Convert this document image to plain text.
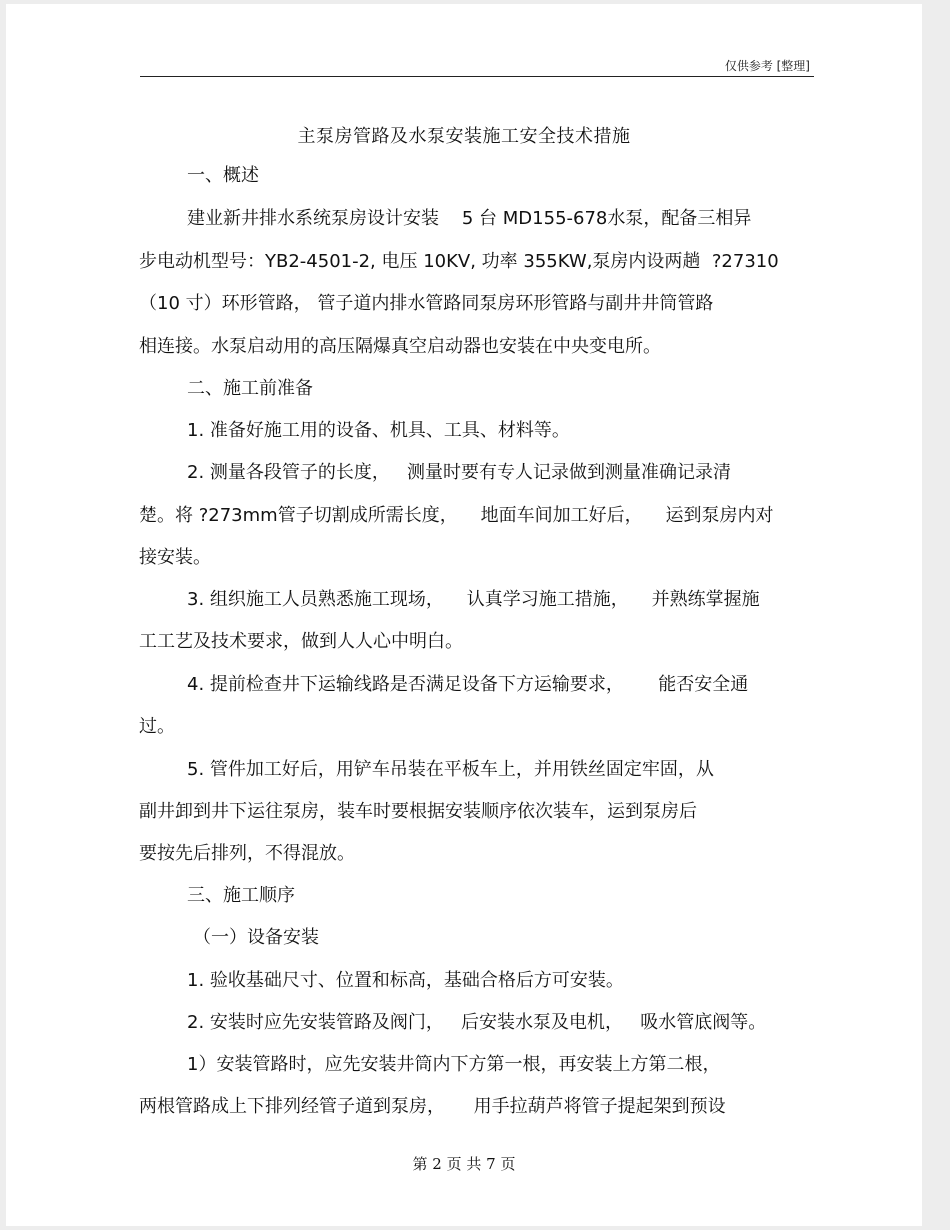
仅供参考 [整理]
主泵房管路及水泵安装施工安全技术措施
一、概述
建业新井排水系统泵房设计安装    5 台 MD155-678水泵，配备三相异
步电动机型号：YB2-4501-2, 电压 10KV, 功率 355KW,泵房内设两趟  ?27310
（10 寸）环形管路， 管子道内排水管路同泵房环形管路与副井井筒管路
相连接。水泵启动用的高压隔爆真空启动器也安装在中央变电所。
二、施工前准备
1. 准备好施工用的设备、机具、工具、材料等。
2. 测量各段管子的长度，   测量时要有专人记录做到测量准确记录清
楚。将 ?273mm管子切割成所需长度，    地面车间加工好后，    运到泵房内对
接安装。
3. 组织施工人员熟悉施工现场，    认真学习施工措施，    并熟练掌握施
工工艺及技术要求，做到人人心中明白。
4. 提前检查井下运输线路是否满足设备下方运输要求，      能否安全通
过。
5. 管件加工好后，用铲车吊装在平板车上，并用铁丝固定牢固，从
副井卸到井下运往泵房，装车时要根据安装顺序依次装车，运到泵房后
要按先后排列，不得混放。
三、施工顺序
（一）设备安装
1. 验收基础尺寸、位置和标高，基础合格后方可安装。
2. 安装时应先安装管路及阀门，   后安装水泵及电机，   吸水管底阀等。
1）安装管路时，应先安装井筒内下方第一根，再安装上方第二根，
两根管路成上下排列经管子道到泵房，     用手拉葫芦将管子提起架到预设
第 2 页 共 7 页
